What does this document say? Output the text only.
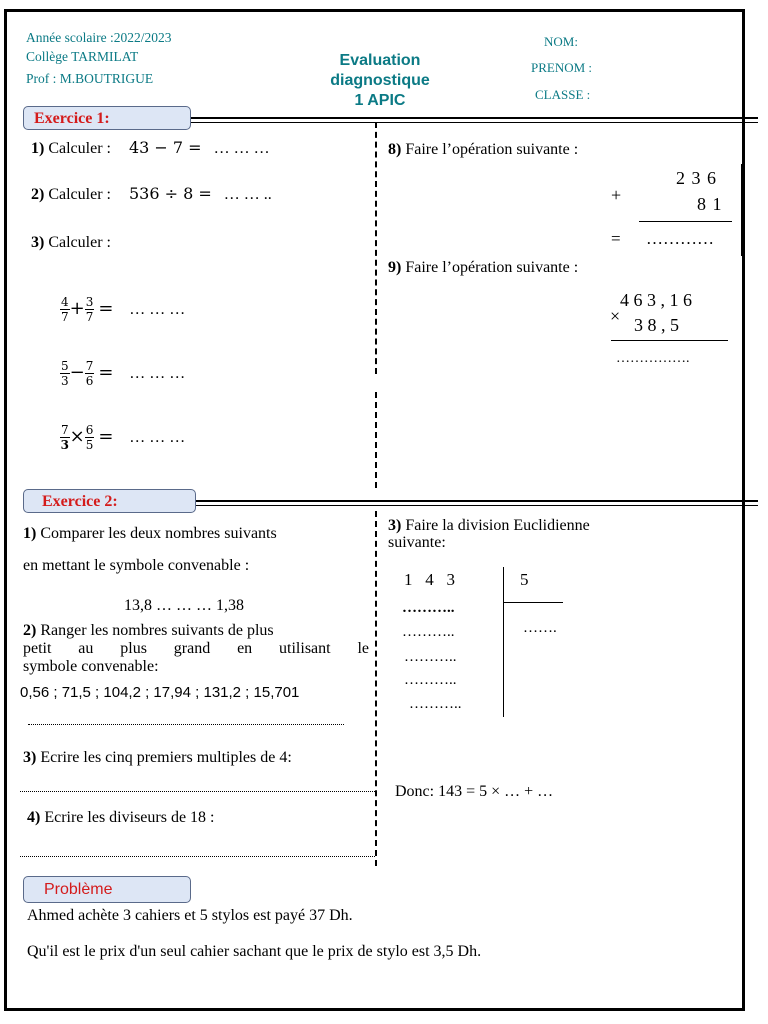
Année scolaire :2022/2023
Collège TARMILAT
Prof : M.BOUTRIGUE
Evaluation
diagnostique
1 APIC
NOM:
PRENOM :
CLASSE :
Exercice 1:
1) Calculer : 43 − 7 = … … …
2) Calculer : 536 ÷ 8 = … … ..
3) Calculer :
$\frac{4}{7} + \frac{3}{7}$ = … … …
$\frac{5}{3} - \frac{7}{6}$ = … … …
$\frac{7}{3} \times \frac{6}{5}$ = … … …
8) Faire l’opération suivante :
2 3 6
+	8 1
= …………
9) Faire l’opération suivante :
4 6 3 , 1 6
× 3 8 , 5
…………….
Exercice 2:
1) Comparer les deux nombres suivants
en mettant le symbole convenable :
13,8 … … … 1,38
2) Ranger les nombres suivants de plus
petit au plus grand en utilisant le
symbole convenable:
0,56 ; 71,5 ; 104,2 ; 17,94 ; 131,2 ; 15,701
3) Ecrire les cinq premiers multiples de 4:
4) Ecrire les diviseurs de 18 :
3) Faire la division Euclidienne
suivante:
1   4   3	5
………..
………..
………..
………..
………..
…….
Donc: 143 = 5 × … + …
Problème
Ahmed achète 3 cahiers et 5 stylos est payé 37 Dh.
Qu'il est le prix d'un seul cahier sachant que le prix de stylo est 3,5 Dh.
